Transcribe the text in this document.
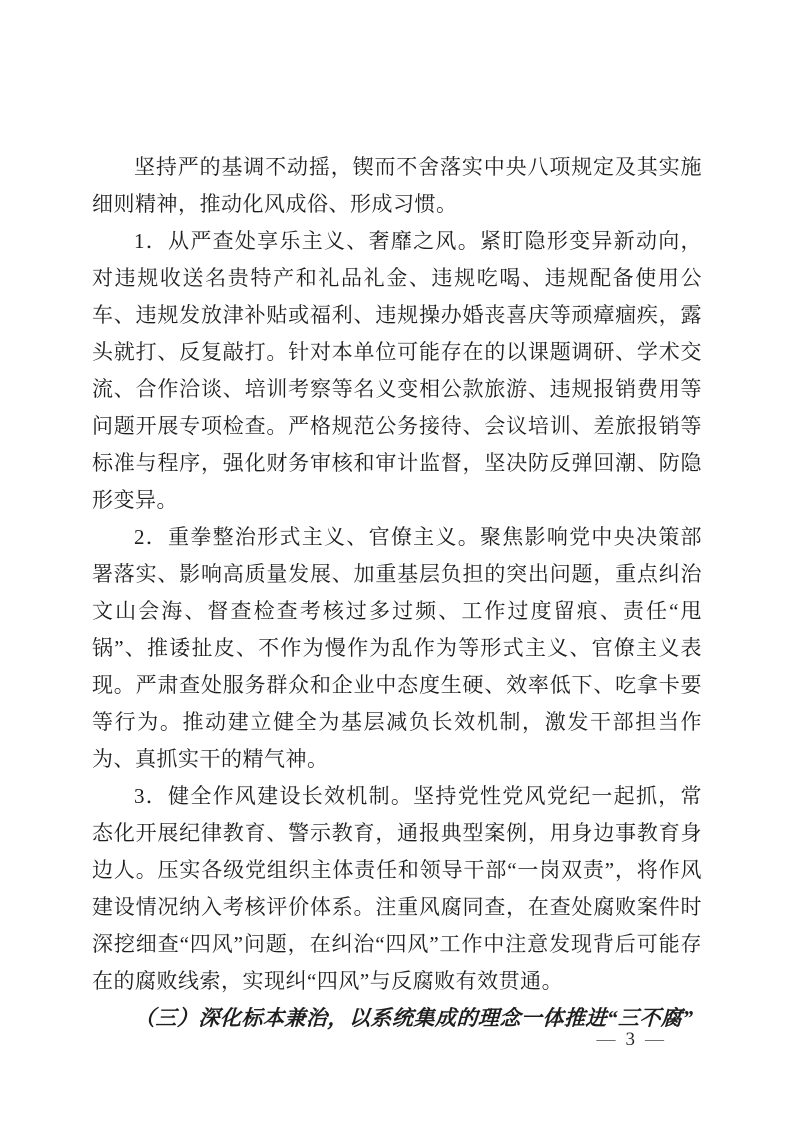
坚持严的基调不动摇，锲而不舍落实中央八项规定及其实施细则精神，推动化风成俗、形成习惯。

1．从严查处享乐主义、奢靡之风。紧盯隐形变异新动向，对违规收送名贵特产和礼品礼金、违规吃喝、违规配备使用公车、违规发放津补贴或福利、违规操办婚丧喜庆等顽瘴痼疾，露头就打、反复敲打。针对本单位可能存在的以课题调研、学术交流、合作洽谈、培训考察等名义变相公款旅游、违规报销费用等问题开展专项检查。严格规范公务接待、会议培训、差旅报销等标准与程序，强化财务审核和审计监督，坚决防反弹回潮、防隐形变异。

2．重拳整治形式主义、官僚主义。聚焦影响党中央决策部署落实、影响高质量发展、加重基层负担的突出问题，重点纠治文山会海、督查检查考核过多过频、工作过度留痕、责任“甩锅”、推诿扯皮、不作为慢作为乱作为等形式主义、官僚主义表现。严肃查处服务群众和企业中态度生硬、效率低下、吃拿卡要等行为。推动建立健全为基层减负长效机制，激发干部担当作为、真抓实干的精气神。

3．健全作风建设长效机制。坚持党性党风党纪一起抓，常态化开展纪律教育、警示教育，通报典型案例，用身边事教育身边人。压实各级党组织主体责任和领导干部“一岗双责”，将作风建设情况纳入考核评价体系。注重风腐同查，在查处腐败案件时深挖细查“四风”问题，在纠治“四风”工作中注意发现背后可能存在的腐败线索，实现纠“四风”与反腐败有效贯通。

（三）深化标本兼治，以系统集成的理念一体推进“三不腐”

— 3 —
